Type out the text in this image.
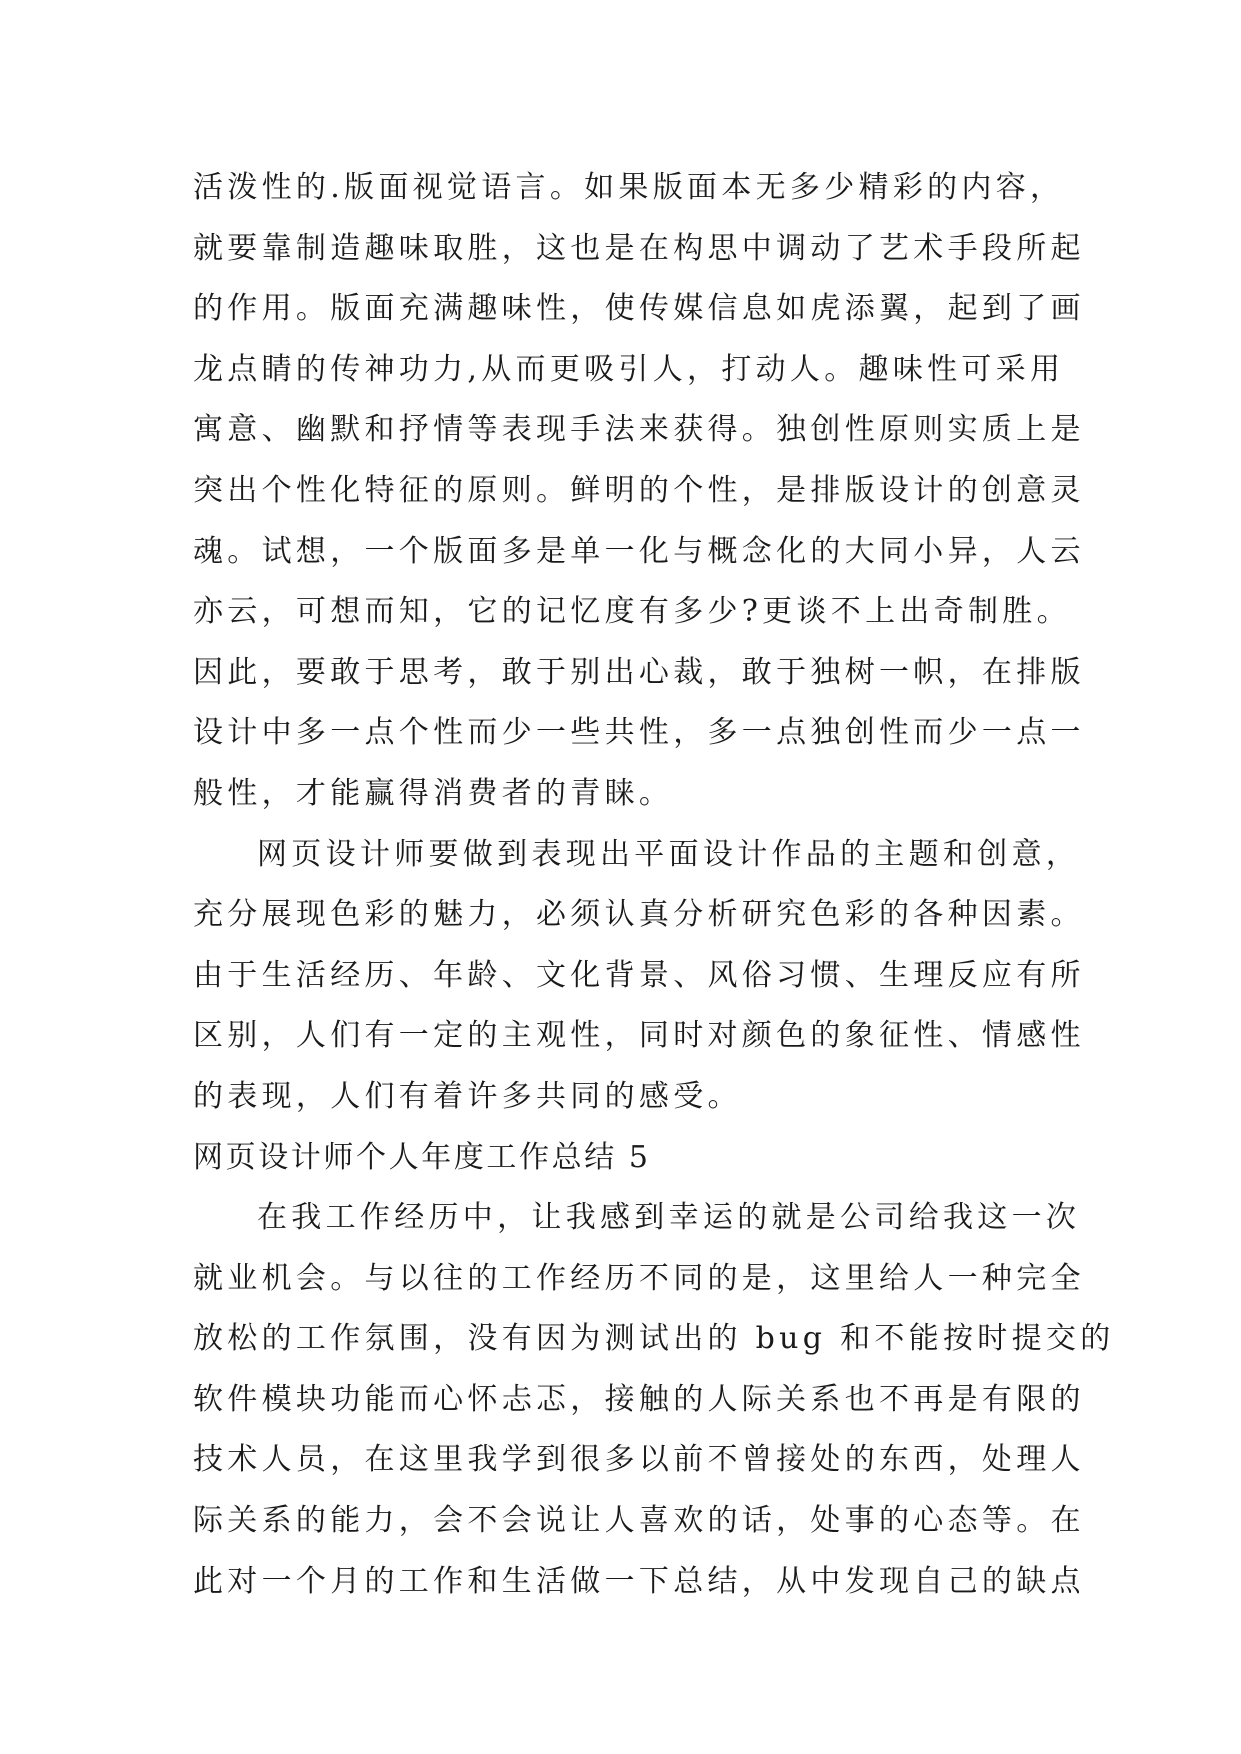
活泼性的.版面视觉语言。如果版面本无多少精彩的内容，
就要靠制造趣味取胜，这也是在构思中调动了艺术手段所起
的作用。版面充满趣味性，使传媒信息如虎添翼，起到了画
龙点睛的传神功力,从而更吸引人，打动人。趣味性可采用
寓意、幽默和抒情等表现手法来获得。独创性原则实质上是
突出个性化特征的原则。鲜明的个性，是排版设计的创意灵
魂。试想，一个版面多是单一化与概念化的大同小异，人云
亦云，可想而知，它的记忆度有多少?更谈不上出奇制胜。
因此，要敢于思考，敢于别出心裁，敢于独树一帜，在排版
设计中多一点个性而少一些共性，多一点独创性而少一点一
般性，才能赢得消费者的青睐。
网页设计师要做到表现出平面设计作品的主题和创意，
充分展现色彩的魅力，必须认真分析研究色彩的各种因素。
由于生活经历、年龄、文化背景、风俗习惯、生理反应有所
区别，人们有一定的主观性，同时对颜色的象征性、情感性
的表现，人们有着许多共同的感受。
网页设计师个人年度工作总结 5
在我工作经历中，让我感到幸运的就是公司给我这一次
就业机会。与以往的工作经历不同的是，这里给人一种完全
放松的工作氛围，没有因为测试出的 bug 和不能按时提交的
软件模块功能而心怀忐忑，接触的人际关系也不再是有限的
技术人员，在这里我学到很多以前不曾接处的东西，处理人
际关系的能力，会不会说让人喜欢的话，处事的心态等。在
此对一个月的工作和生活做一下总结，从中发现自己的缺点
